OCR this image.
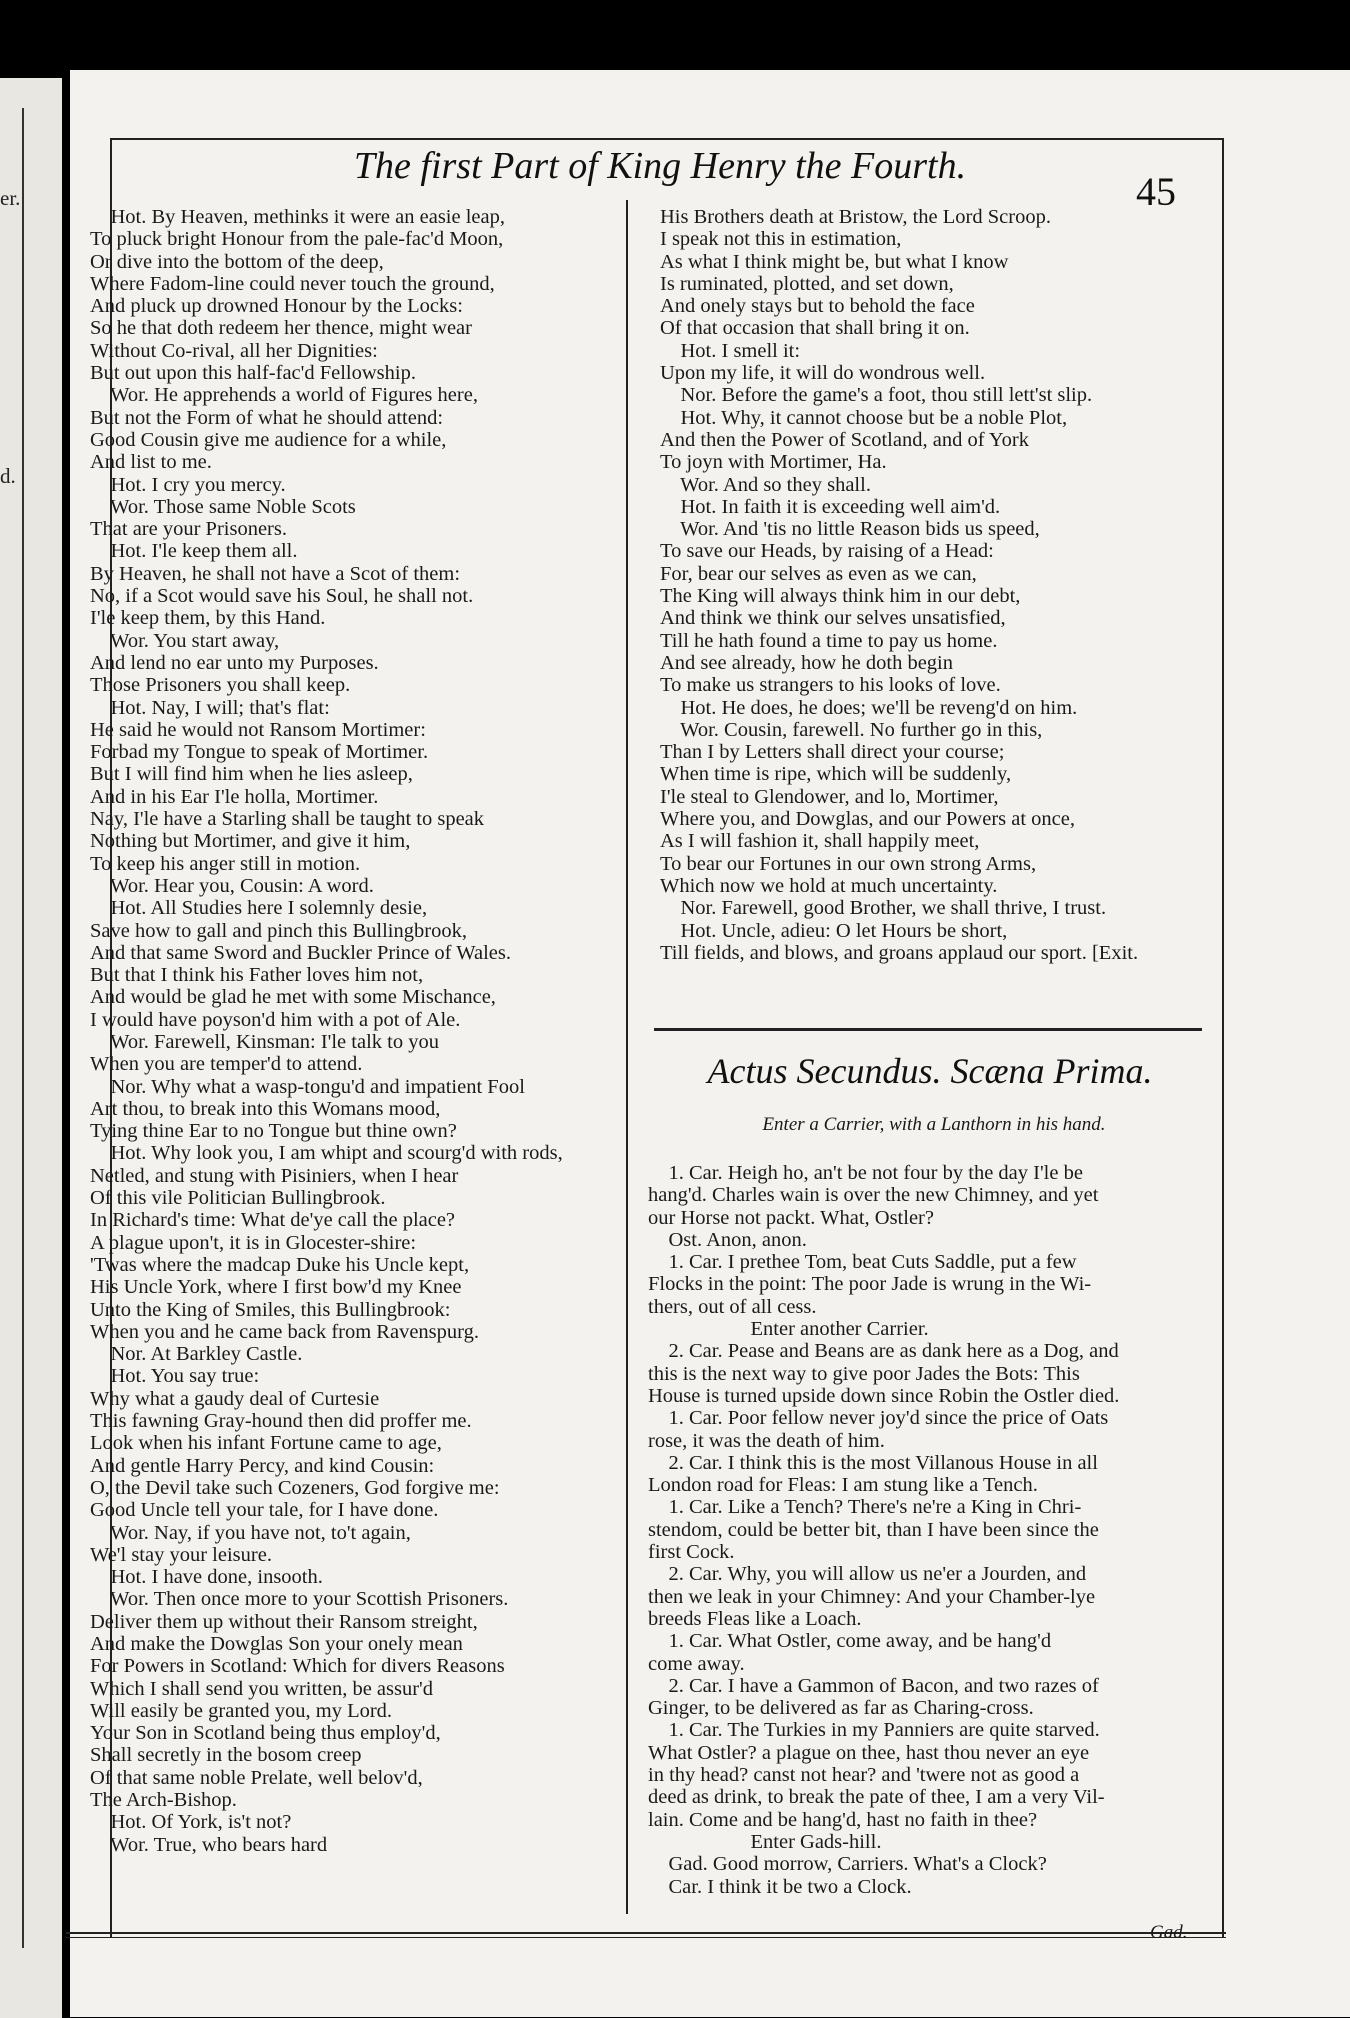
er.
d.
The first Part of King Henry the Fourth.
45
Hot. By Heaven, methinks it were an easie leap,
To pluck bright Honour from the pale-fac'd Moon,
Or dive into the bottom of the deep,
Where Fadom-line could never touch the ground,
And pluck up drowned Honour by the Locks:
So he that doth redeem her thence, might wear
Without Co-rival, all her Dignities:
But out upon this half-fac'd Fellowship.
Wor. He apprehends a world of Figures here,
But not the Form of what he should attend:
Good Cousin give me audience for a while,
And list to me.
Hot. I cry you mercy.
Wor. Those same Noble Scots
That are your Prisoners.
Hot. I'le keep them all.
By Heaven, he shall not have a Scot of them:
No, if a Scot would save his Soul, he shall not.
I'le keep them, by this Hand.
Wor. You start away,
And lend no ear unto my Purposes.
Those Prisoners you shall keep.
Hot. Nay, I will; that's flat:
He said he would not Ransom Mortimer:
Forbad my Tongue to speak of Mortimer.
But I will find him when he lies asleep,
And in his Ear I'le holla, Mortimer.
Nay, I'le have a Starling shall be taught to speak
Nothing but Mortimer, and give it him,
To keep his anger still in motion.
Wor. Hear you, Cousin: A word.
Hot. All Studies here I solemnly desie,
Save how to gall and pinch this Bullingbrook,
And that same Sword and Buckler Prince of Wales.
But that I think his Father loves him not,
And would be glad he met with some Mischance,
I would have poyson'd him with a pot of Ale.
Wor. Farewell, Kinsman: I'le talk to you
When you are temper'd to attend.
Nor. Why what a wasp-tongu'd and impatient Fool
Art thou, to break into this Womans mood,
Tying thine Ear to no Tongue but thine own?
Hot. Why look you, I am whipt and scourg'd with rods,
Netled, and stung with Pisiniers, when I hear
Of this vile Politician Bullingbrook.
In Richard's time: What de'ye call the place?
A plague upon't, it is in Glocester-shire:
'Twas where the madcap Duke his Uncle kept,
His Uncle York, where I first bow'd my Knee
Unto the King of Smiles, this Bullingbrook:
When you and he came back from Ravenspurg.
Nor. At Barkley Castle.
Hot. You say true:
Why what a gaudy deal of Curtesie
This fawning Gray-hound then did proffer me.
Look when his infant Fortune came to age,
And gentle Harry Percy, and kind Cousin:
O, the Devil take such Cozeners, God forgive me:
Good Uncle tell your tale, for I have done.
Wor. Nay, if you have not, to't again,
We'l stay your leisure.
Hot. I have done, insooth.
Wor. Then once more to your Scottish Prisoners.
Deliver them up without their Ransom streight,
And make the Dowglas Son your onely mean
For Powers in Scotland: Which for divers Reasons
Which I shall send you written, be assur'd
Will easily be granted you, my Lord.
Your Son in Scotland being thus employ'd,
Shall secretly in the bosom creep
Of that same noble Prelate, well belov'd,
The Arch-Bishop.
Hot. Of York, is't not?
Wor. True, who bears hard
His Brothers death at Bristow, the Lord Scroop.
I speak not this in estimation,
As what I think might be, but what I know
Is ruminated, plotted, and set down,
And onely stays but to behold the face
Of that occasion that shall bring it on.
Hot. I smell it:
Upon my life, it will do wondrous well.
Nor. Before the game's a foot, thou still lett'st slip.
Hot. Why, it cannot choose but be a noble Plot,
And then the Power of Scotland, and of York
To joyn with Mortimer, Ha.
Wor. And so they shall.
Hot. In faith it is exceeding well aim'd.
Wor. And 'tis no little Reason bids us speed,
To save our Heads, by raising of a Head:
For, bear our selves as even as we can,
The King will always think him in our debt,
And think we think our selves unsatisfied,
Till he hath found a time to pay us home.
And see already, how he doth begin
To make us strangers to his looks of love.
Hot. He does, he does; we'll be reveng'd on him.
Wor. Cousin, farewell. No further go in this,
Than I by Letters shall direct your course;
When time is ripe, which will be suddenly,
I'le steal to Glendower, and lo, Mortimer,
Where you, and Dowglas, and our Powers at once,
As I will fashion it, shall happily meet,
To bear our Fortunes in our own strong Arms,
Which now we hold at much uncertainty.
Nor. Farewell, good Brother, we shall thrive, I trust.
Hot. Uncle, adieu: O let Hours be short,
Till fields, and blows, and groans applaud our sport. [Exit.
Actus Secundus. Scæna Prima.
Enter a Carrier, with a Lanthorn in his hand.
1. Car. Heigh ho, an't be not four by the day I'le be
hang'd. Charles wain is over the new Chimney, and yet
our Horse not packt. What, Ostler?
Ost. Anon, anon.
1. Car. I prethee Tom, beat Cuts Saddle, put a few
Flocks in the point: The poor Jade is wrung in the Wi-
thers, out of all cess.
Enter another Carrier.
2. Car. Pease and Beans are as dank here as a Dog, and
this is the next way to give poor Jades the Bots: This
House is turned upside down since Robin the Ostler died.
1. Car. Poor fellow never joy'd since the price of Oats
rose, it was the death of him.
2. Car. I think this is the most Villanous House in all
London road for Fleas: I am stung like a Tench.
1. Car. Like a Tench? There's ne're a King in Chri-
stendom, could be better bit, than I have been since the
first Cock.
2. Car. Why, you will allow us ne'er a Jourden, and
then we leak in your Chimney: And your Chamber-lye
breeds Fleas like a Loach.
1. Car. What Ostler, come away, and be hang'd
come away.
2. Car. I have a Gammon of Bacon, and two razes of
Ginger, to be delivered as far as Charing-cross.
1. Car. The Turkies in my Panniers are quite starved.
What Ostler? a plague on thee, hast thou never an eye
in thy head? canst not hear? and 'twere not as good a
deed as drink, to break the pate of thee, I am a very Vil-
lain. Come and be hang'd, hast no faith in thee?
Enter Gads-hill.
Gad. Good morrow, Carriers. What's a Clock?
Car. I think it be two a Clock.
Gad.
